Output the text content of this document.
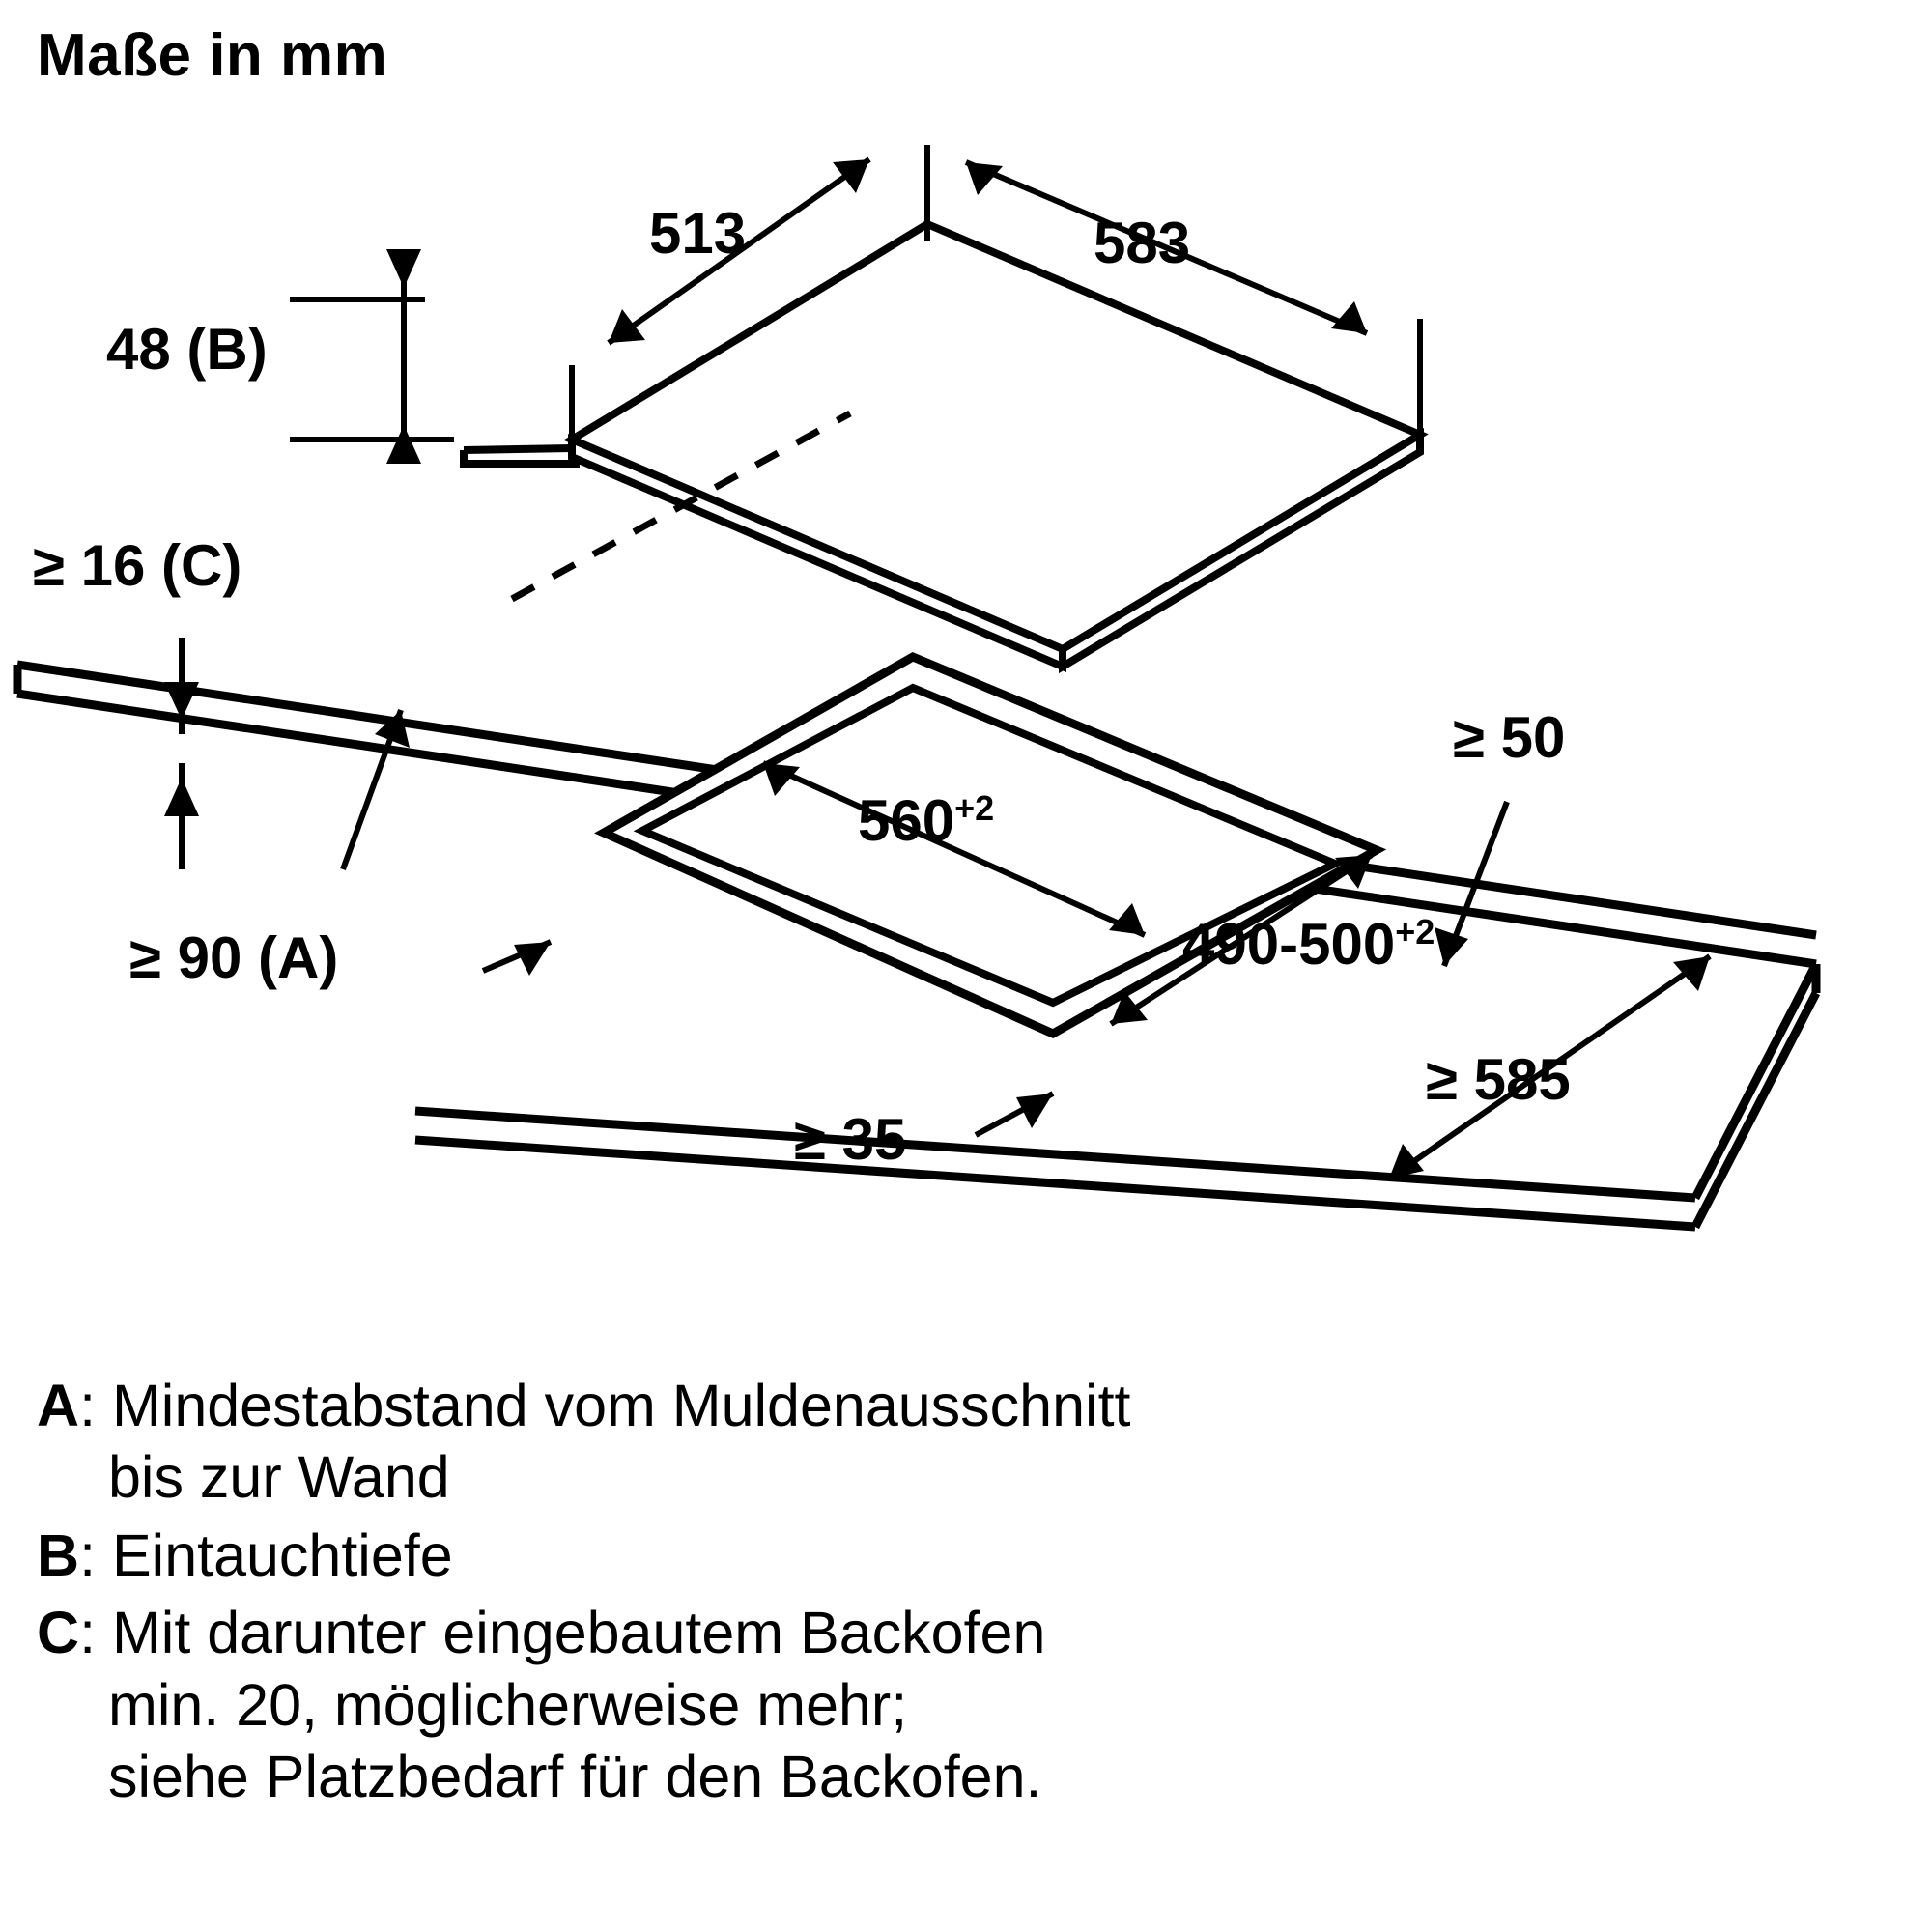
Maße in mm
513	583
48 (B)
≥ 16 (C)
$560^{+2}$
$490-500^{+2}$
≥ 50
≥ 585
≥ 90 (A)
≥ 35
A: Mindestabstand vom Muldenausschnitt
bis zur Wand
B: Eintauchtiefe
C: Mit darunter eingebautem Backofen
min. 20, möglicherweise mehr;
siehe Platzbedarf für den Backofen.
